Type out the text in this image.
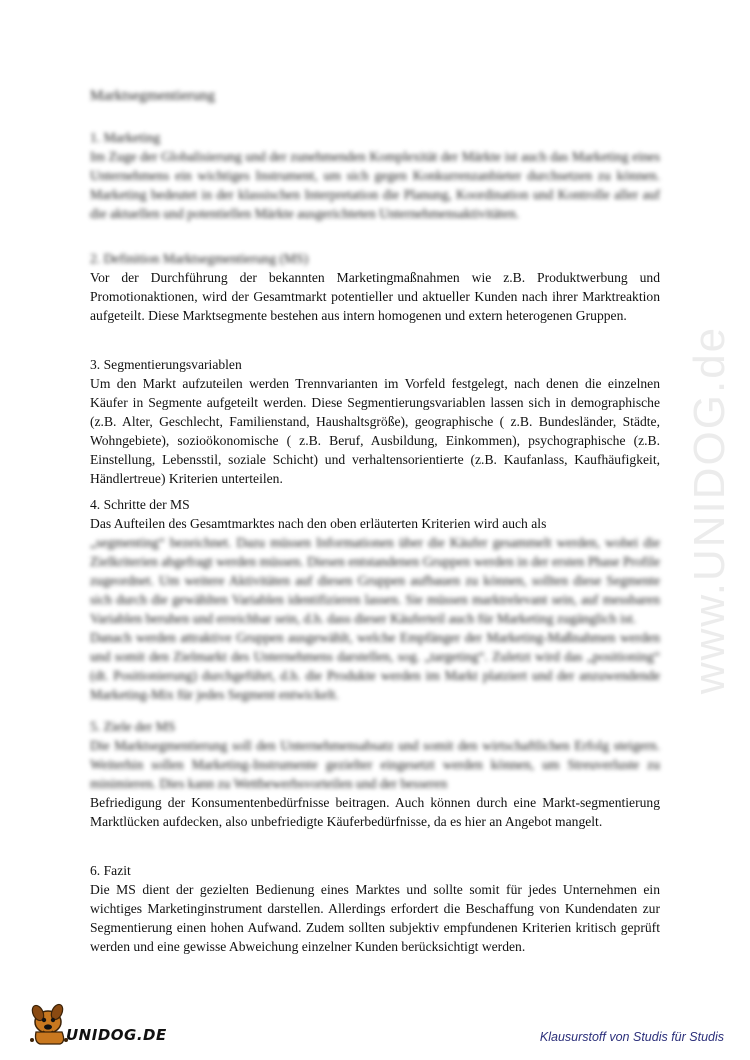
www.UNIDOG.de
Marktsegmentierung
1. Marketing

Im Zuge der Globalisierung und der zunehmenden Komplexität der Märkte ist auch das Marketing eines Unternehmens ein wichtiges Instrument, um sich gegen Konkurrenzanbieter durchsetzen zu können. Marketing bedeutet in der klassischen Interpretation die Planung, Koordination und Kontrolle aller auf die aktuellen und potentiellen Märkte ausgerichteten Unternehmensaktivitäten.

2. Definition Marktsegmentierung (MS)

Vor der Durchführung der bekannten Marketingmaßnahmen wie z.B. Produktwerbung und Promotionaktionen, wird der Gesamtmarkt potentieller und aktueller Kunden nach ihrer Marktreaktion aufgeteilt. Diese Marktsegmente bestehen aus intern homogenen und extern heterogenen Gruppen.

3. Segmentierungsvariablen

Um den Markt aufzuteilen werden Trennvarianten im Vorfeld festgelegt, nach denen die einzelnen Käufer in Segmente aufgeteilt werden. Diese Segmentierungsvariablen lassen sich in demographische (z.B. Alter, Geschlecht, Familienstand, Haushaltsgröße), geographische ( z.B. Bundesländer, Städte, Wohngebiete), sozioökonomische ( z.B. Beruf, Ausbildung, Einkommen), psychographische (z.B. Einstellung, Lebensstil, soziale Schicht) und verhaltensorientierte (z.B. Kaufanlass, Kaufhäufigkeit, Händlertreue) Kriterien unterteilen.

4. Schritte der MS

Das Aufteilen des Gesamtmarktes nach den oben erläuterten Kriterien wird auch als

„segmenting“ bezeichnet. Dazu müssen Informationen über die Käufer gesammelt werden, wobei die Zielkriterien abgefragt werden müssen. Diesen entstandenen Gruppen werden in der ersten Phase Profile zugeordnet. Um weitere Aktivitäten auf diesen Gruppen aufbauen zu können, sollten diese Segmente sich durch die gewählten Variablen identifizieren lassen. Sie müssen marktrelevant sein, auf messbaren Variablen beruhen und erreichbar sein, d.h. dass dieser Käuferteil auch für Marketing zugänglich ist.

Danach werden attraktive Gruppen ausgewählt, welche Empfänger der Marketing-Maßnahmen werden und somit den Zielmarkt des Unternehmens darstellen, sog. „targeting“. Zuletzt wird das „positioning“ (dt. Positionierung) durchgeführt, d.h. die Produkte werden im Markt platziert und der anzuwendende Marketing-Mix für jedes Segment entwickelt.

5. Ziele der MS

Die Marktsegmentierung soll den Unternehmensabsatz und somit den wirtschaftlichen Erfolg steigern. Weiterhin sollen Marketing-Instrumente gezielter eingesetzt werden können, um Streuverluste zu minimieren. Dies kann zu Wettbewerbsvorteilen und der besseren

Befriedigung der Konsumentenbedürfnisse beitragen. Auch können durch eine Markt-segmentierung Marktlücken aufdecken, also unbefriedigte Käuferbedürfnisse, da es hier an Angebot mangelt.

6. Fazit

Die MS dient der gezielten Bedienung eines Marktes und sollte somit für jedes Unternehmen ein wichtiges Marketinginstrument darstellen. Allerdings erfordert die Beschaffung von Kundendaten zur Segmentierung einen hohen Aufwand. Zudem sollten subjektiv empfundenen Kriterien kritisch geprüft werden und eine gewisse Abweichung einzelner Kunden berücksichtigt werden.

UNIDOG.DE	Klausurstoff von Studis für Studis
